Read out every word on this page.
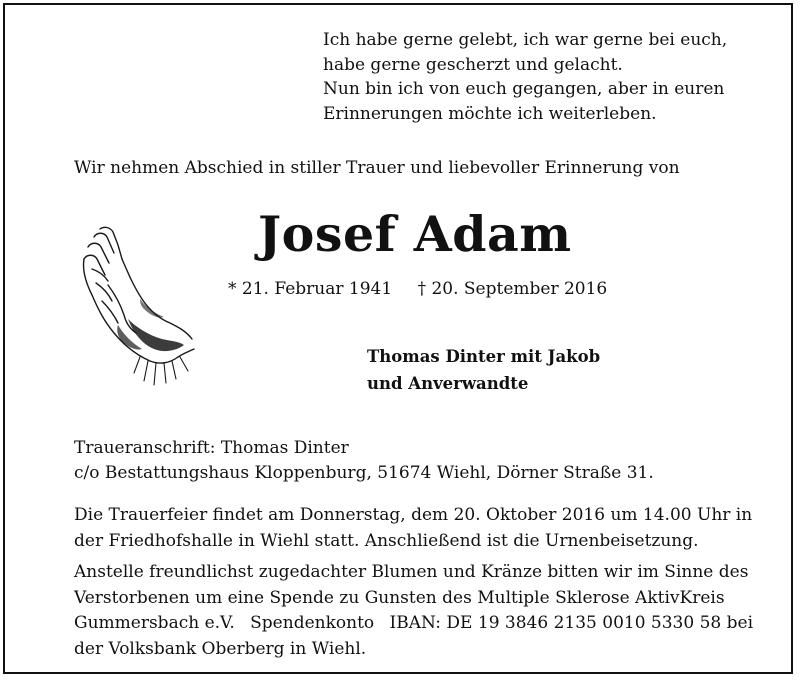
Ich habe gerne gelebt, ich war gerne bei euch,
habe gerne gescherzt und gelacht.
Nun bin ich von euch gegangen, aber in euren
Erinnerungen möchte ich weiterleben.
Wir nehmen Abschied in stiller Trauer und liebevoller Erinnerung von
Josef Adam
* 21. Februar 1941 † 20. September 2016
Thomas Dinter mit Jakob
und Anverwandte
Traueranschrift: Thomas Dinter
c/o Bestattungshaus Kloppenburg, 51674 Wiehl, Dörner Straße 31.
Die Trauerfeier findet am Donnerstag, dem 20. Oktober 2016 um 14.00 Uhr in
der Friedhofshalle in Wiehl statt. Anschließend ist die Urnenbeisetzung.
Anstelle freundlichst zugedachter Blumen und Kränze bitten wir im Sinne des
Verstorbenen um eine Spende zu Gunsten des Multiple Sklerose AktivKreis
Gummersbach e.V. Spendenkonto IBAN: DE 19 3846 2135 0010 5330 58 bei
der Volksbank Oberberg in Wiehl.
